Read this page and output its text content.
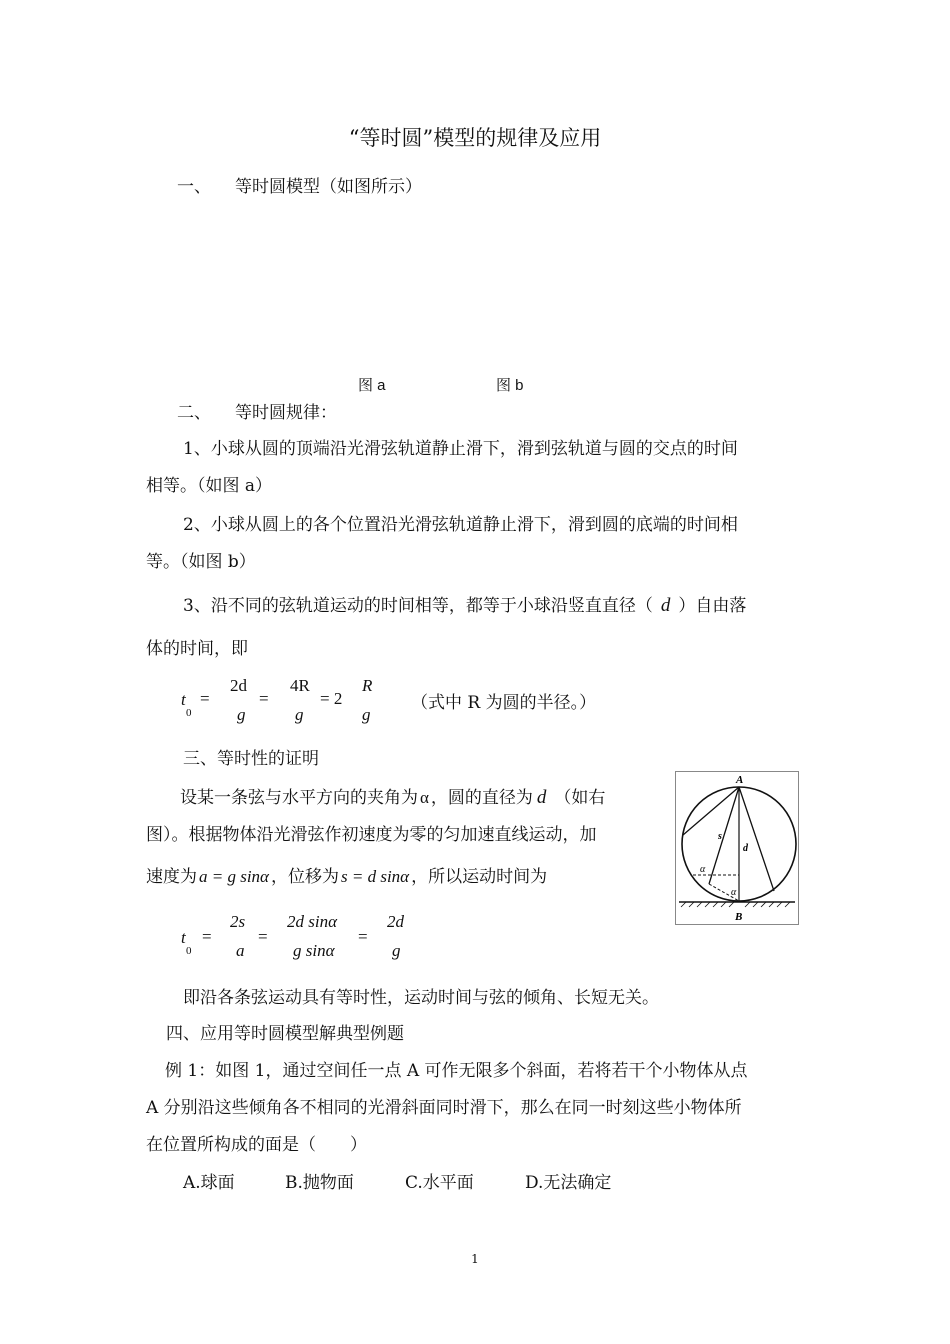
“等时圆”模型的规律及应用
一、 等时圆模型（如图所示）
图 a	图 b
二、 等时圆规律：
1、小球从圆的顶端沿光滑弦轨道静止滑下，滑到弦轨道与圆的交点的时间
相等。（如图 a）
2、小球从圆上的各个位置沿光滑弦轨道静止滑下，滑到圆的底端的时间相
等。（如图 b）
3、沿不同的弦轨道运动的时间相等，都等于小球沿竖直直径（ d ）自由落
体的时间，即
t
0
=
2d
g
=
4R
g
= 2
R
g
（式中 R 为圆的半径。）
三、等时性的证明
设某一条弦与水平方向的夹角为 α ，圆的直径为 d （如右
图）。根据物体沿光滑弦作初速度为零的匀加速直线运动，加
速度为 a = g sinα ，位移为 s = d sinα ，所以运动时间为
t
0
=
2s
a
=
2d sinα
g sinα
=
2d
g
A
B
s
d
α
α
即沿各条弦运动具有等时性，运动时间与弦的倾角、长短无关。
四、应用等时圆模型解典型例题
例 1：如图 1，通过空间任一点 A 可作无限多个斜面，若将若干个小物体从点
A 分别沿这些倾角各不相同的光滑斜面同时滑下，那么在同一时刻这些小物体所
在位置所构成的面是（　　）
A.球面	B.抛物面	C.水平面	D.无法确定
1
